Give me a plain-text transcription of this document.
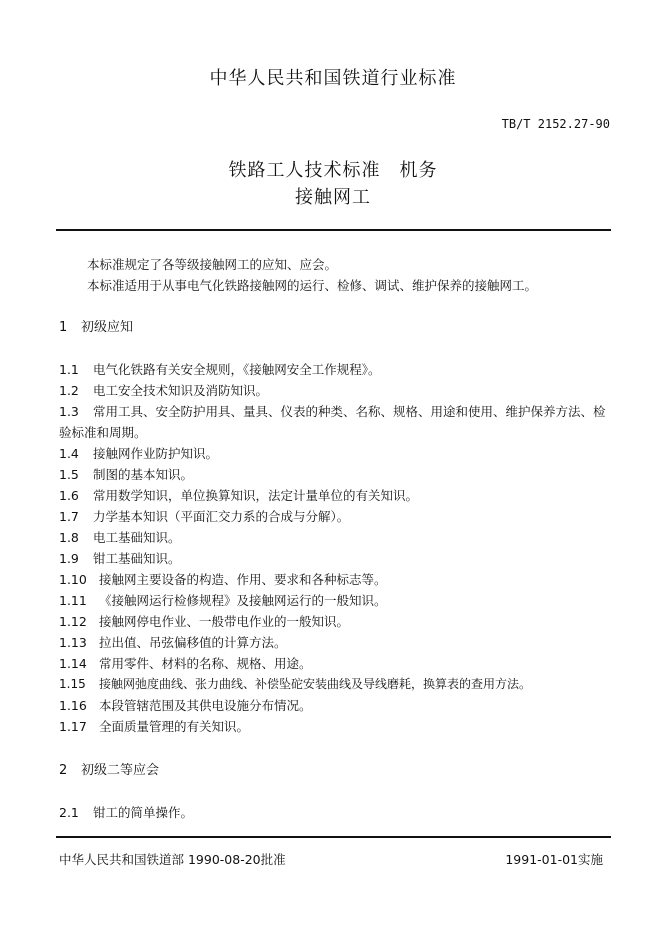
中华人民共和国铁道行业标准
TB/T 2152.27-90
铁路工人技术标准　机务
接触网工
本标准规定了各等级接触网工的应知、应会。
本标准适用于从事电气化铁路接触网的运行、检修、调试、维护保养的接触网工。
1 初级应知
1.1 电气化铁路有关安全规则，《接触网安全工作规程》。
1.2 电工安全技术知识及消防知识。
1.3 常用工具、安全防护用具、量具、仪表的种类、名称、规格、用途和使用、维护保养方法、检验标准和周期。
1.4 接触网作业防护知识。
1.5 制图的基本知识。
1.6 常用数学知识，单位换算知识，法定计量单位的有关知识。
1.7 力学基本知识（平面汇交力系的合成与分解）。
1.8 电工基础知识。
1.9 钳工基础知识。
1.10 接触网主要设备的构造、作用、要求和各种标志等。
1.11 《接触网运行检修规程》及接触网运行的一般知识。
1.12 接触网停电作业、一般带电作业的一般知识。
1.13 拉出值、吊弦偏移值的计算方法。
1.14 常用零件、材料的名称、规格、用途。
1.15 接触网弛度曲线、张力曲线、补偿坠砣安装曲线及导线磨耗，换算表的查用方法。
1.16 本段管辖范围及其供电设施分布情况。
1.17 全面质量管理的有关知识。
2 初级二等应会
2.1 钳工的简单操作。
中华人民共和国铁道部 1990-08-20批准	1991-01-01实施
